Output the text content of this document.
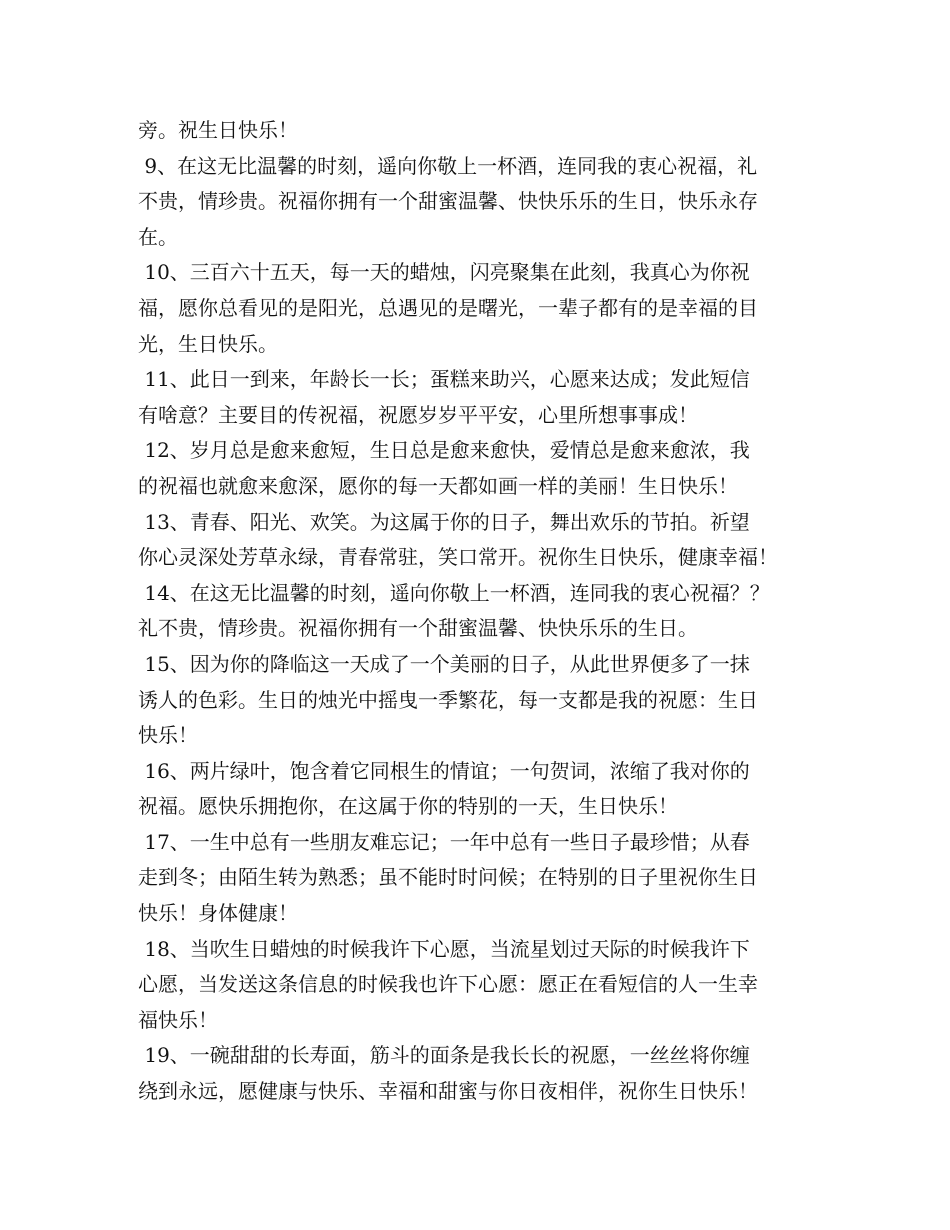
旁。祝生日快乐！
9、在这无比温馨的时刻，遥向你敬上一杯酒，连同我的衷心祝福，礼
不贵，情珍贵。祝福你拥有一个甜蜜温馨、快快乐乐的生日，快乐永存
在。
10、三百六十五天，每一天的蜡烛，闪亮聚集在此刻，我真心为你祝
福，愿你总看见的是阳光，总遇见的是曙光，一辈子都有的是幸福的目
光，生日快乐。
11、此日一到来，年龄长一长；蛋糕来助兴，心愿来达成；发此短信
有啥意？主要目的传祝福，祝愿岁岁平平安，心里所想事事成！
12、岁月总是愈来愈短，生日总是愈来愈快，爱情总是愈来愈浓，我
的祝福也就愈来愈深，愿你的每一天都如画一样的美丽！生日快乐！
13、青春、阳光、欢笑。为这属于你的日子，舞出欢乐的节拍。祈望
你心灵深处芳草永绿，青春常驻，笑口常开。祝你生日快乐，健康幸福！
14、在这无比温馨的时刻，遥向你敬上一杯酒，连同我的衷心祝福？？
礼不贵，情珍贵。祝福你拥有一个甜蜜温馨、快快乐乐的生日。
15、因为你的降临这一天成了一个美丽的日子，从此世界便多了一抹
诱人的色彩。生日的烛光中摇曳一季繁花，每一支都是我的祝愿：生日
快乐！
16、两片绿叶，饱含着它同根生的情谊；一句贺词，浓缩了我对你的
祝福。愿快乐拥抱你，在这属于你的特别的一天，生日快乐！
17、一生中总有一些朋友难忘记；一年中总有一些日子最珍惜；从春
走到冬；由陌生转为熟悉；虽不能时时问候；在特别的日子里祝你生日
快乐！身体健康！
18、当吹生日蜡烛的时候我许下心愿，当流星划过天际的时候我许下
心愿，当发送这条信息的时候我也许下心愿：愿正在看短信的人一生幸
福快乐！
19、一碗甜甜的长寿面，筋斗的面条是我长长的祝愿，一丝丝将你缠
绕到永远，愿健康与快乐、幸福和甜蜜与你日夜相伴，祝你生日快乐！
